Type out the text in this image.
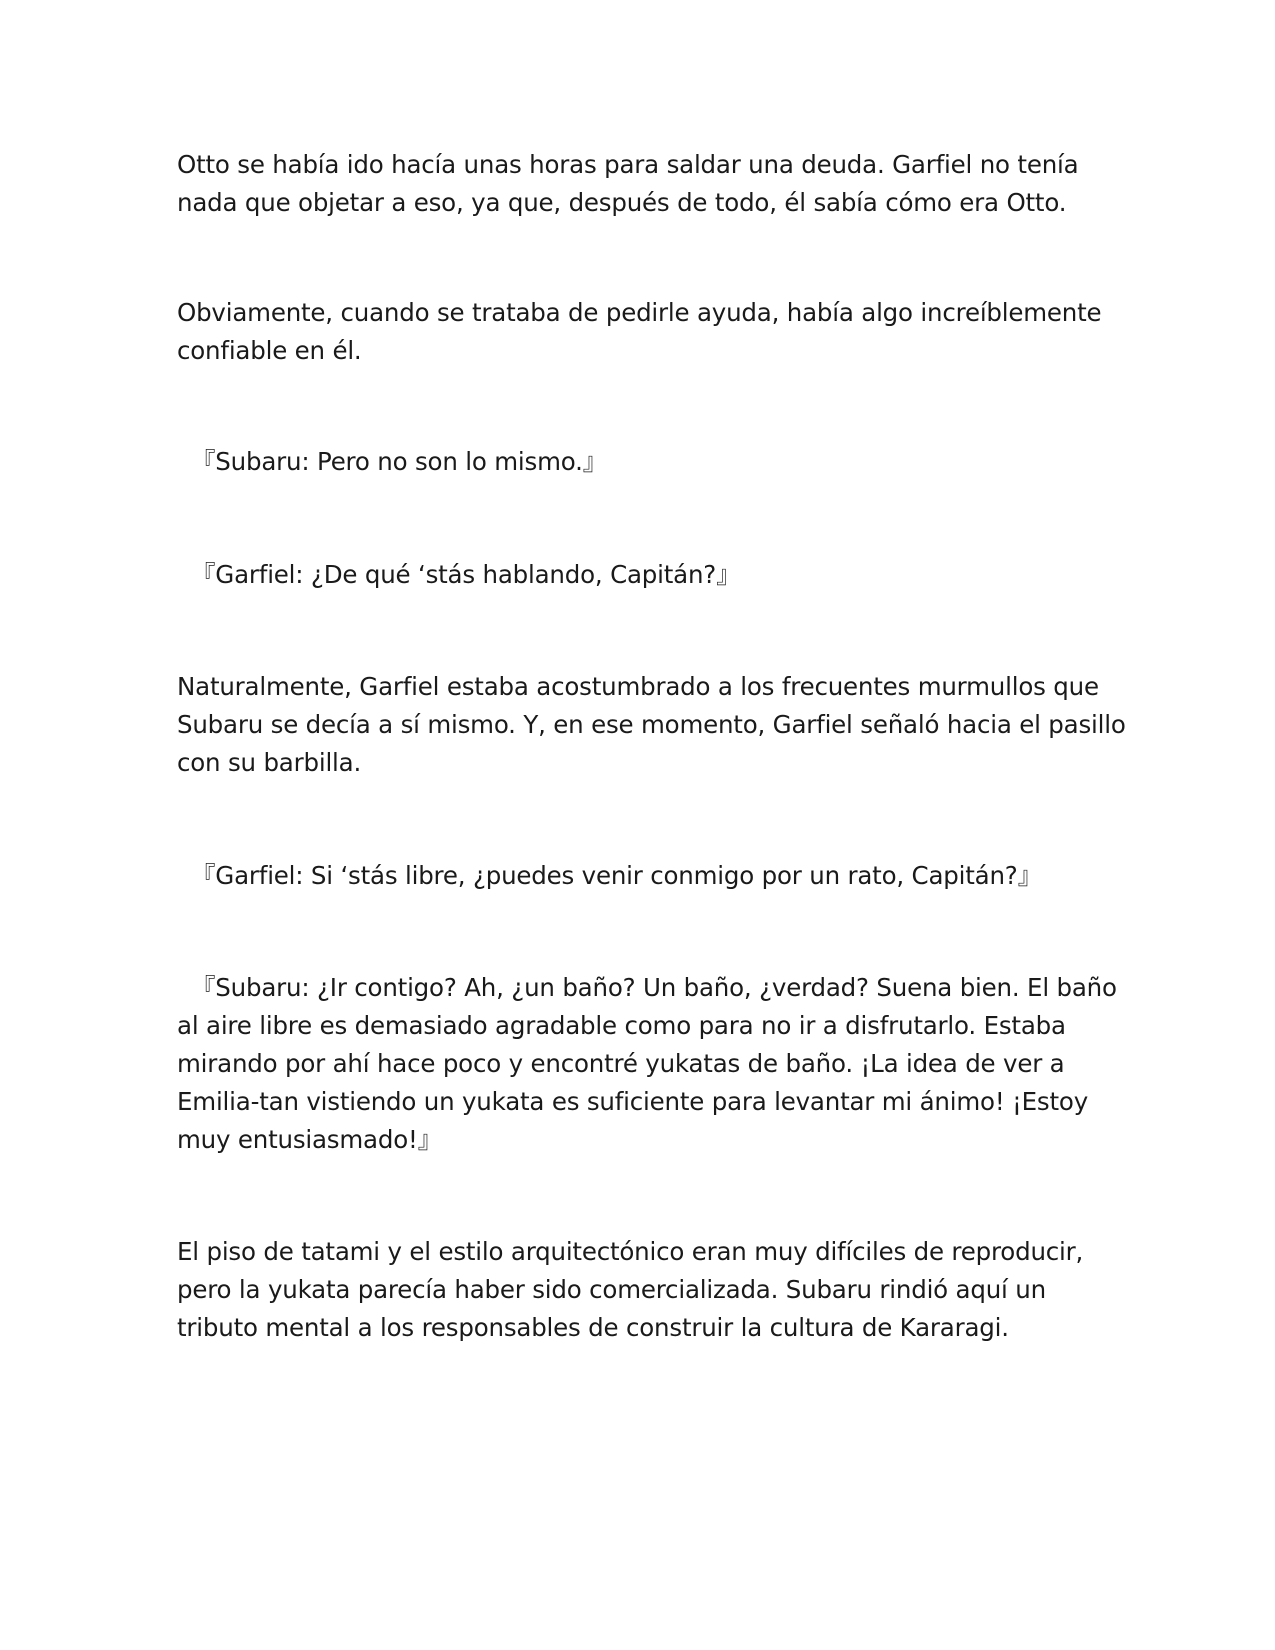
Otto se había ido hacía unas horas para saldar una deuda. Garfiel no tenía
nada que objetar a eso, ya que, después de todo, él sabía cómo era Otto.

Obviamente, cuando se trataba de pedirle ayuda, había algo increíblemente
confiable en él.

『Subaru: Pero no son lo mismo.』

『Garfiel: ¿De qué ‘stás hablando, Capitán?』

Naturalmente, Garfiel estaba acostumbrado a los frecuentes murmullos que
Subaru se decía a sí mismo. Y, en ese momento, Garfiel señaló hacia el pasillo
con su barbilla.

『Garfiel: Si ‘stás libre, ¿puedes venir conmigo por un rato, Capitán?』

『Subaru: ¿Ir contigo? Ah, ¿un baño? Un baño, ¿verdad? Suena bien. El baño
al aire libre es demasiado agradable como para no ir a disfrutarlo. Estaba
mirando por ahí hace poco y encontré yukatas de baño. ¡La idea de ver a
Emilia-tan vistiendo un yukata es suficiente para levantar mi ánimo! ¡Estoy
muy entusiasmado!』

El piso de tatami y el estilo arquitectónico eran muy difíciles de reproducir,
pero la yukata parecía haber sido comercializada. Subaru rindió aquí un
tributo mental a los responsables de construir la cultura de Kararagi.
